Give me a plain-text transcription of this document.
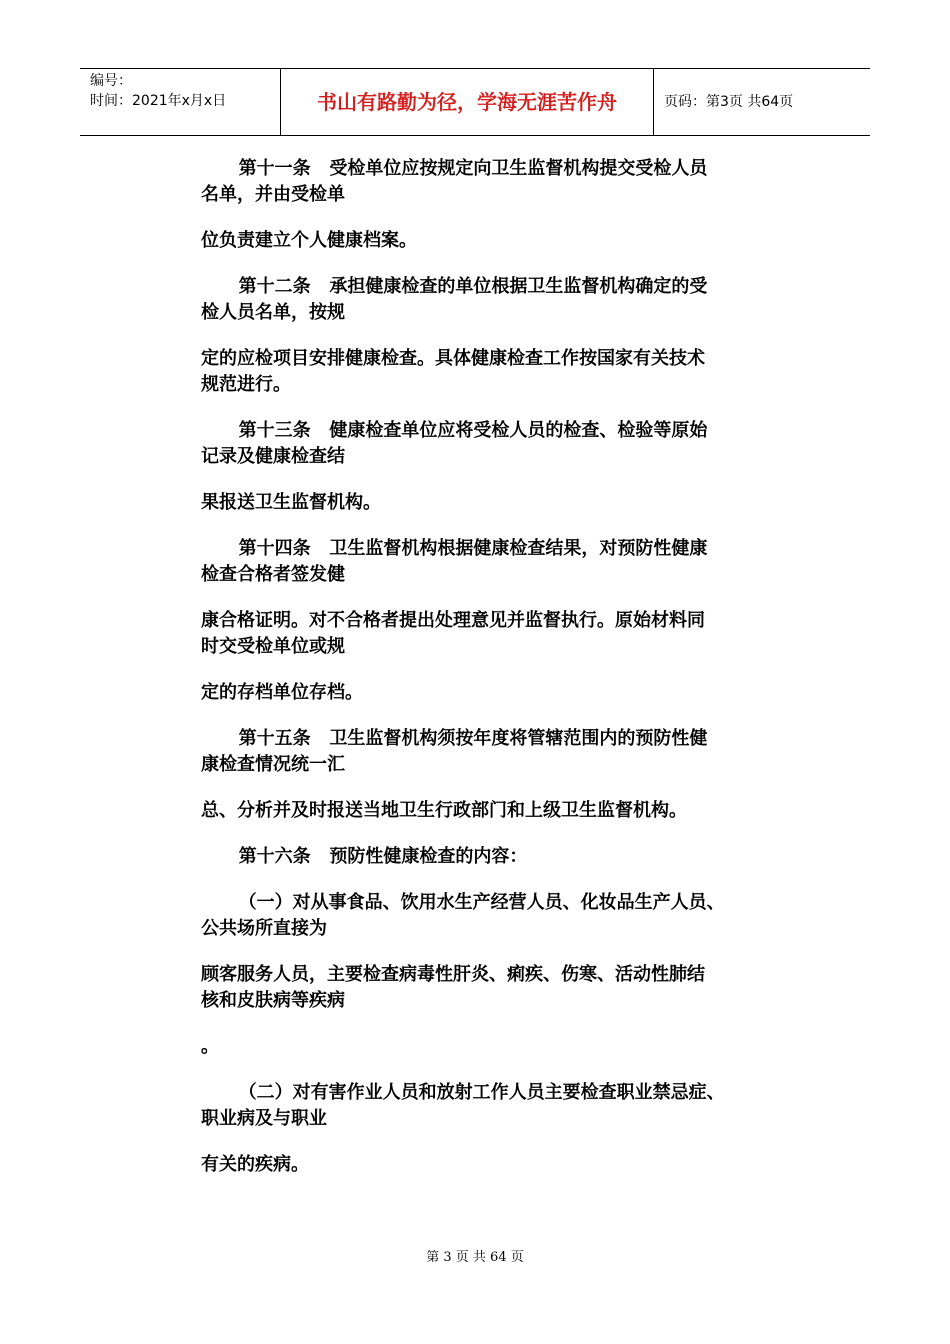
编号：
时间：2021年x月x日	书山有路勤为径，学海无涯苦作舟	页码：第3页 共64页
第十一条   受检单位应按规定向卫生监督机构提交受检人员
名单，并由受检单
位负责建立个人健康档案。
第十二条   承担健康检查的单位根据卫生监督机构确定的受
检人员名单，按规
定的应检项目安排健康检查。具体健康检查工作按国家有关技术
规范进行。
第十三条   健康检查单位应将受检人员的检查、检验等原始
记录及健康检查结
果报送卫生监督机构。
第十四条   卫生监督机构根据健康检查结果，对预防性健康
检查合格者签发健
康合格证明。对不合格者提出处理意见并监督执行。原始材料同
时交受检单位或规
定的存档单位存档。
第十五条   卫生监督机构须按年度将管辖范围内的预防性健
康检查情况统一汇
总、分析并及时报送当地卫生行政部门和上级卫生监督机构。
第十六条   预防性健康检查的内容：
（一）对从事食品、饮用水生产经营人员、化妆品生产人员、
公共场所直接为
顾客服务人员，主要检查病毒性肝炎、痢疾、伤寒、活动性肺结
核和皮肤病等疾病
。
（二）对有害作业人员和放射工作人员主要检查职业禁忌症、
职业病及与职业
有关的疾病。
第 3 页 共 64 页
